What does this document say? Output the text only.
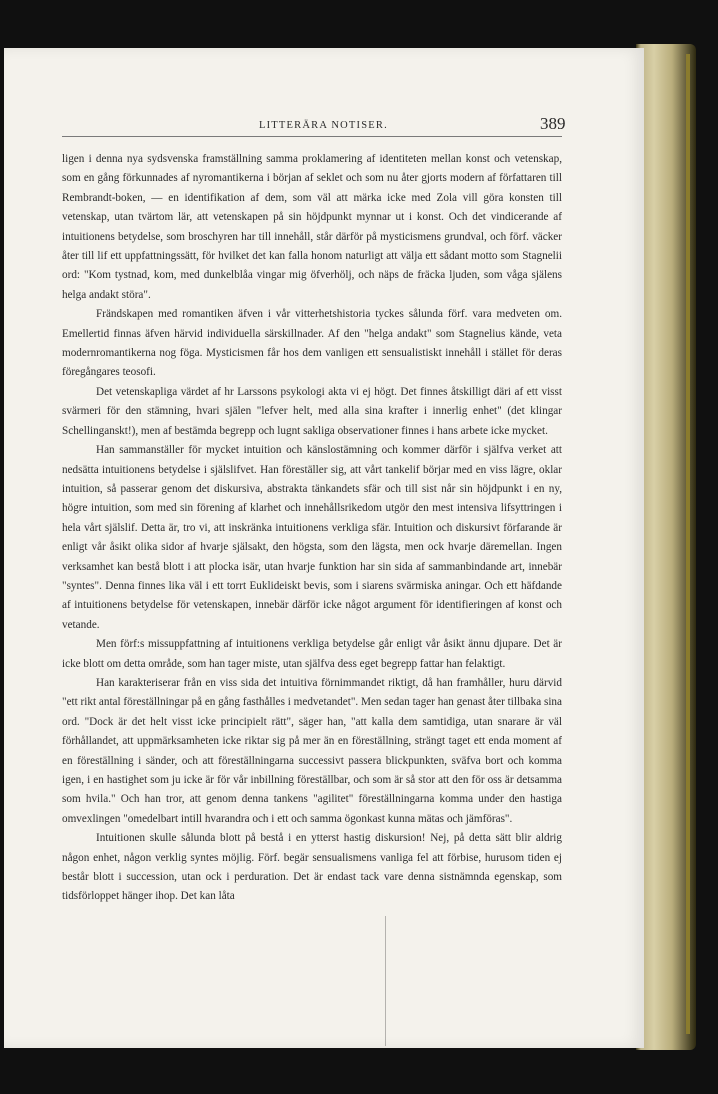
LITTERÄRA NOTISER.	389

ligen i denna nya sydsvenska framställning samma proklamering af identiteten mellan konst och vetenskap, som en gång förkunnades af nyromantikerna i början af seklet och som nu åter gjorts modern af författaren till Rembrandt-boken, — en identifikation af dem, som väl att märka icke med Zola vill göra konsten till vetenskap, utan tvärtom lär, att vetenskapen på sin höjdpunkt mynnar ut i konst. Och det vindicerande af intuitionens betydelse, som broschyren har till innehåll, står därför på mysticismens grundval, och förf. väcker åter till lif ett uppfattningssätt, för hvilket det kan falla honom naturligt att välja ett sådant motto som Stagnelii ord: "Kom tystnad, kom, med dunkelblåa vingar mig öfverhölj, och näps de fräcka ljuden, som våga själens helga andakt störa".

Frändskapen med romantiken äfven i vår vitterhetshistoria tyckes sålunda förf. vara medveten om. Emellertid finnas äfven härvid individuella särskillnader. Af den "helga andakt" som Stagnelius kände, veta modernromantikerna nog föga. Mysticismen får hos dem vanligen ett sensualistiskt innehåll i stället för deras föregångares teosofi.

Det vetenskapliga värdet af hr Larssons psykologi akta vi ej högt. Det finnes åtskilligt däri af ett visst svärmeri för den stämning, hvari själen "lefver helt, med alla sina krafter i innerlig enhet" (det klingar Schellinganskt!), men af bestämda begrepp och lugnt sakliga observationer finnes i hans arbete icke mycket.

Han sammanställer för mycket intuition och känslostämning och kommer därför i själfva verket att nedsätta intuitionens betydelse i själslifvet. Han föreställer sig, att vårt tankelif börjar med en viss lägre, oklar intuition, så passerar genom det diskursiva, abstrakta tänkandets sfär och till sist når sin höjdpunkt i en ny, högre intuition, som med sin förening af klarhet och innehållsrikedom utgör den mest intensiva lifsyttringen i hela vårt själslif. Detta är, tro vi, att inskränka intuitionens verkliga sfär. Intuition och diskursivt förfarande är enligt vår åsikt olika sidor af hvarje själsakt, den högsta, som den lägsta, men ock hvarje däremellan. Ingen verksamhet kan bestå blott i att plocka isär, utan hvarje funktion har sin sida af sammanbindande art, innebär "syntes". Denna finnes lika väl i ett torrt Euklideiskt bevis, som i siarens svärmiska aningar. Och ett häfdande af intuitionens betydelse för vetenskapen, innebär därför icke något argument för identifieringen af konst och vetande.

Men förf:s missuppfattning af intuitionens verkliga betydelse går enligt vår åsikt ännu djupare. Det är icke blott om detta område, som han tager miste, utan själfva dess eget begrepp fattar han felaktigt.

Han karakteriserar från en viss sida det intuitiva förnimmandet riktigt, då han framhåller, huru därvid "ett rikt antal föreställningar på en gång fasthålles i medvetandet". Men sedan tager han genast åter tillbaka sina ord. "Dock är det helt visst icke principielt rätt", säger han, "att kalla dem samtidiga, utan snarare är väl förhållandet, att uppmärksamheten icke riktar sig på mer än en föreställning, strängt taget ett enda moment af en föreställning i sänder, och att föreställningarna successivt passera blickpunkten, sväfva bort och komma igen, i en hastighet som ju icke är för vår inbillning föreställbar, och som är så stor att den för oss är detsamma som hvila." Och han tror, att genom denna tankens "agilitet" föreställningarna komma under den hastiga omvexlingen "omedelbart intill hvarandra och i ett och samma ögonkast kunna mätas och jämföras".

Intuitionen skulle sålunda blott på bestå i en ytterst hastig diskursion! Nej, på detta sätt blir aldrig någon enhet, någon verklig syntes möjlig. Förf. begär sensualismens vanliga fel att förbise, hurusom tiden ej består blott i succession, utan ock i perduration. Det är endast tack vare denna sistnämnda egenskap, som tidsförloppet hänger ihop. Det kan låta
